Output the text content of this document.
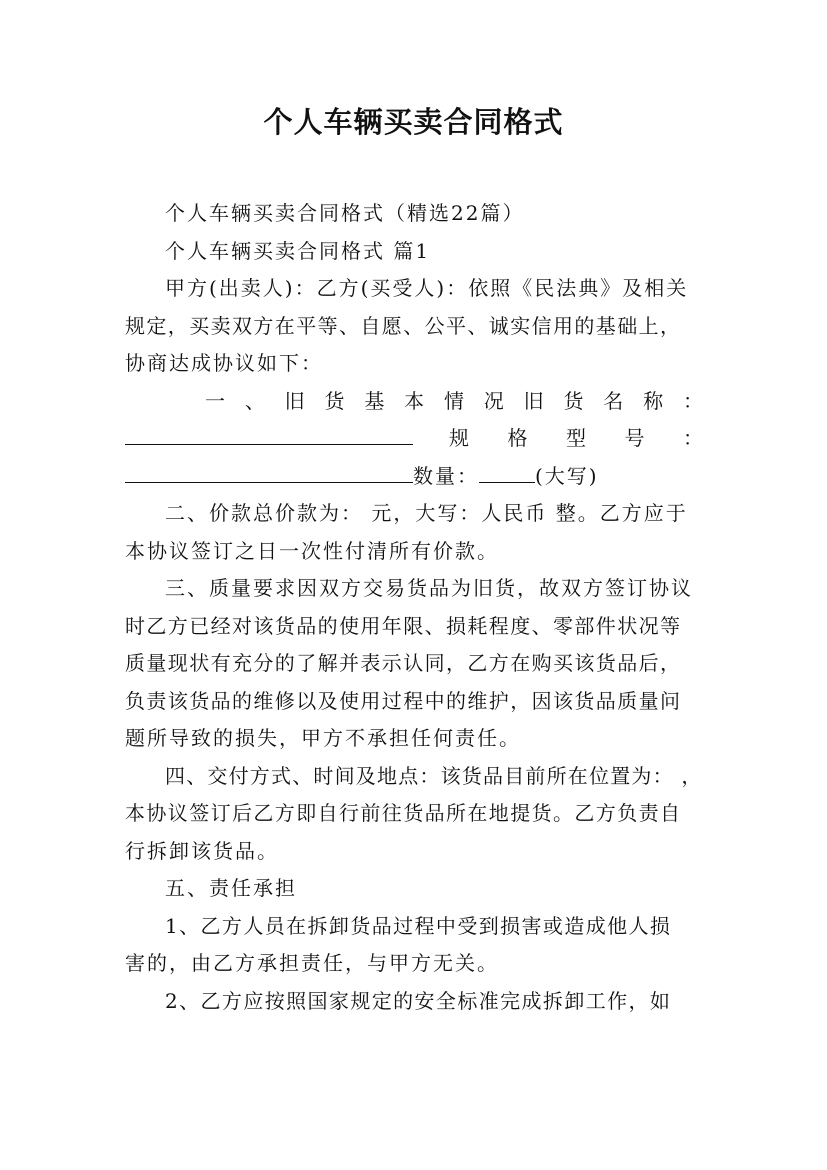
个人车辆买卖合同格式
个人车辆买卖合同格式（精选22篇）
个人车辆买卖合同格式 篇1
甲方(出卖人)：乙方(买受人)：依照《民法典》及相关
规定，买卖双方在平等、自愿、公平、诚实信用的基础上，
协商达成协议如下：
一 、 旧 货 基 本 情 况 旧 货 名 称 ：
规 格 型 号 ：
数量：	(大写)
二、价款总价款为： 元，大写：人民币 整。乙方应于
本协议签订之日一次性付清所有价款。
三、质量要求因双方交易货品为旧货，故双方签订协议
时乙方已经对该货品的使用年限、损耗程度、零部件状况等
质量现状有充分的了解并表示认同，乙方在购买该货品后，
负责该货品的维修以及使用过程中的维护，因该货品质量问
题所导致的损失，甲方不承担任何责任。
四、交付方式、时间及地点：该货品目前所在位置为： ，
本协议签订后乙方即自行前往货品所在地提货。乙方负责自
行拆卸该货品。
五、责任承担
1、乙方人员在拆卸货品过程中受到损害或造成他人损
害的，由乙方承担责任，与甲方无关。
2、乙方应按照国家规定的安全标准完成拆卸工作，如
